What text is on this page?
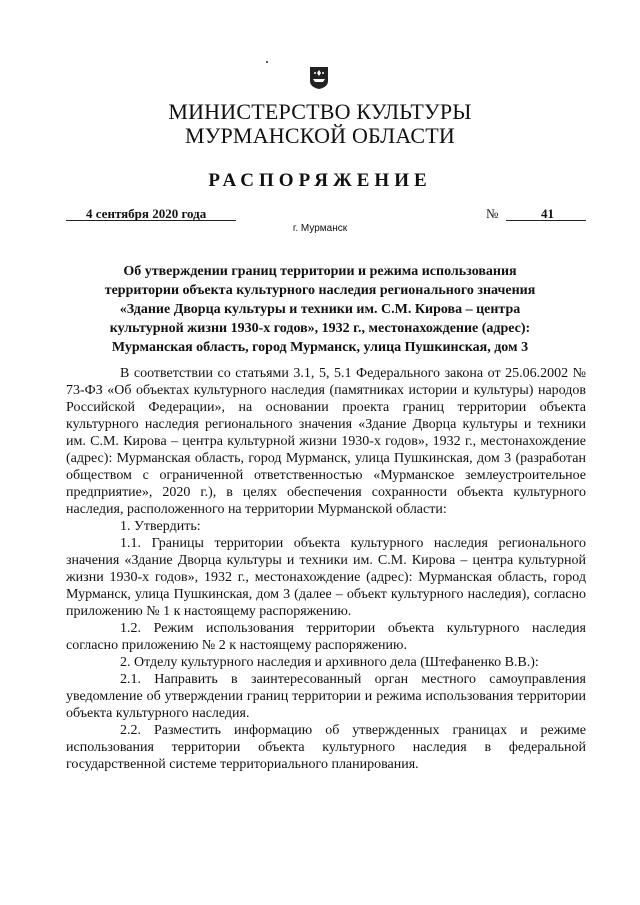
МИНИСТЕРСТВО КУЛЬТУРЫ
МУРМАНСКОЙ ОБЛАСТИ
РАСПОРЯЖЕНИЕ
4 сентября 2020 года	№	41
г. Мурманск
Об утверждении границ территории и режима использования
территории объекта культурного наследия регионального значения
«Здание Дворца культуры и техники им. С.М. Кирова – центра
культурной жизни 1930-х годов», 1932 г., местонахождение (адрес):
Мурманская область, город Мурманск, улица Пушкинская, дом 3

В соответствии со статьями 3.1, 5, 5.1 Федерального закона от 25.06.2002 № 73-ФЗ «Об объектах культурного наследия (памятниках истории и культуры) народов Российской Федерации», на основании проекта границ территории объекта культурного наследия регионального значения «Здание Дворца культуры и техники им. С.М. Кирова – центра культурной жизни 1930-х годов», 1932 г., местонахождение (адрес): Мурманская область, город Мурманск, улица Пушкинская, дом 3 (разработан обществом с ограниченной ответственностью «Мурманское землеустроительное предприятие», 2020 г.), в целях обеспечения сохранности объекта культурного наследия, расположенного на территории Мурманской области:

1. Утвердить:

1.1. Границы территории объекта культурного наследия регионального значения «Здание Дворца культуры и техники им. С.М. Кирова – центра культурной жизни 1930-х годов», 1932 г., местонахождение (адрес): Мурманская область, город Мурманск, улица Пушкинская, дом 3 (далее – объект культурного наследия), согласно приложению № 1 к настоящему распоряжению.

1.2. Режим использования территории объекта культурного наследия согласно приложению № 2 к настоящему распоряжению.

2. Отделу культурного наследия и архивного дела (Штефаненко В.В.):

2.1. Направить в заинтересованный орган местного самоуправления уведомление об утверждении границ территории и режима использования территории объекта культурного наследия.

2.2. Разместить информацию об утвержденных границах и режиме использования территории объекта культурного наследия в федеральной государственной системе территориального планирования.
